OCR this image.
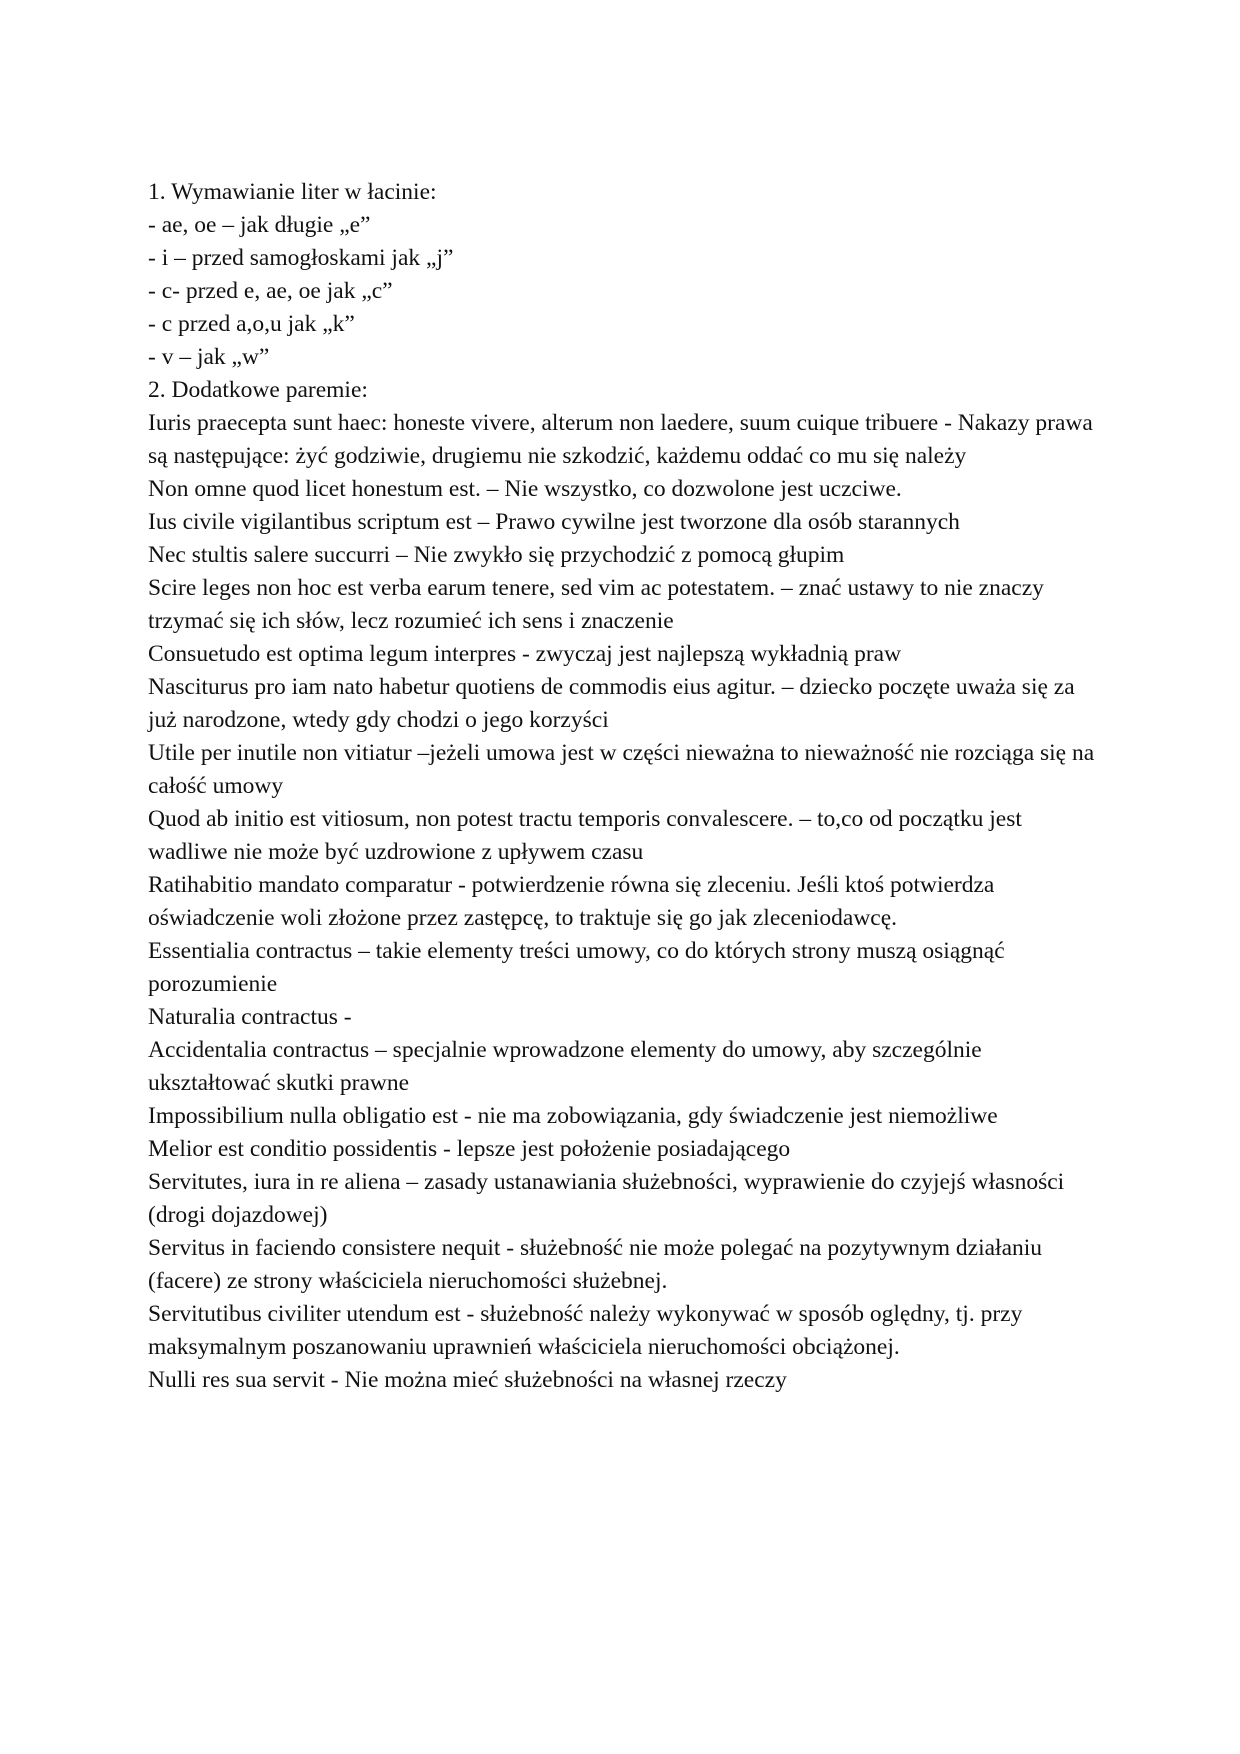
1. Wymawianie liter w łacinie:

- ae, oe – jak długie „e”

- i – przed samogłoskami jak „j”

- c- przed e, ae, oe jak „c”

- c przed a,o,u jak „k”

- v – jak „w”

2. Dodatkowe paremie:

Iuris praecepta sunt haec: honeste vivere, alterum non laedere, suum cuique tribuere - Nakazy prawa są następujące: żyć godziwie, drugiemu nie szkodzić, każdemu oddać co mu się należy

Non omne quod licet honestum est. – Nie wszystko, co dozwolone jest uczciwe.

Ius civile vigilantibus scriptum est – Prawo cywilne jest tworzone dla osób starannych

Nec stultis salere succurri – Nie zwykło się przychodzić z pomocą głupim

Scire leges non hoc est verba earum tenere, sed vim ac potestatem. – znać ustawy to nie znaczy trzymać się ich słów, lecz rozumieć ich sens i znaczenie

Consuetudo est optima legum interpres - zwyczaj jest najlepszą wykładnią praw

Nasciturus pro iam nato habetur quotiens de commodis eius agitur. – dziecko poczęte uważa się za już narodzone, wtedy gdy chodzi o jego korzyści

Utile per inutile non vitiatur –jeżeli umowa jest w części nieważna to nieważność nie rozciąga się na całość umowy

Quod ab initio est vitiosum, non potest tractu temporis convalescere. – to,co od początku jest wadliwe nie może być uzdrowione z upływem czasu

Ratihabitio mandato comparatur - potwierdzenie równa się zleceniu. Jeśli ktoś potwierdza oświadczenie woli złożone przez zastępcę, to traktuje się go jak zleceniodawcę.

Essentialia contractus – takie elementy treści umowy, co do których strony muszą osiągnąć porozumienie

Naturalia contractus -

Accidentalia contractus – specjalnie wprowadzone elementy do umowy, aby szczególnie ukształtować skutki prawne

Impossibilium nulla obligatio est - nie ma zobowiązania, gdy świadczenie jest niemożliwe

Melior est conditio possidentis - lepsze jest położenie posiadającego

Servitutes, iura in re aliena – zasady ustanawiania służebności, wyprawienie do czyjejś własności (drogi dojazdowej)

Servitus in faciendo consistere nequit - służebność nie może polegać na pozytywnym działaniu (facere) ze strony właściciela nieruchomości służebnej.

Servitutibus civiliter utendum est - służebność należy wykonywać w sposób oględny, tj. przy maksymalnym poszanowaniu uprawnień właściciela nieruchomości obciążonej.

Nulli res sua servit - Nie można mieć służebności na własnej rzeczy
